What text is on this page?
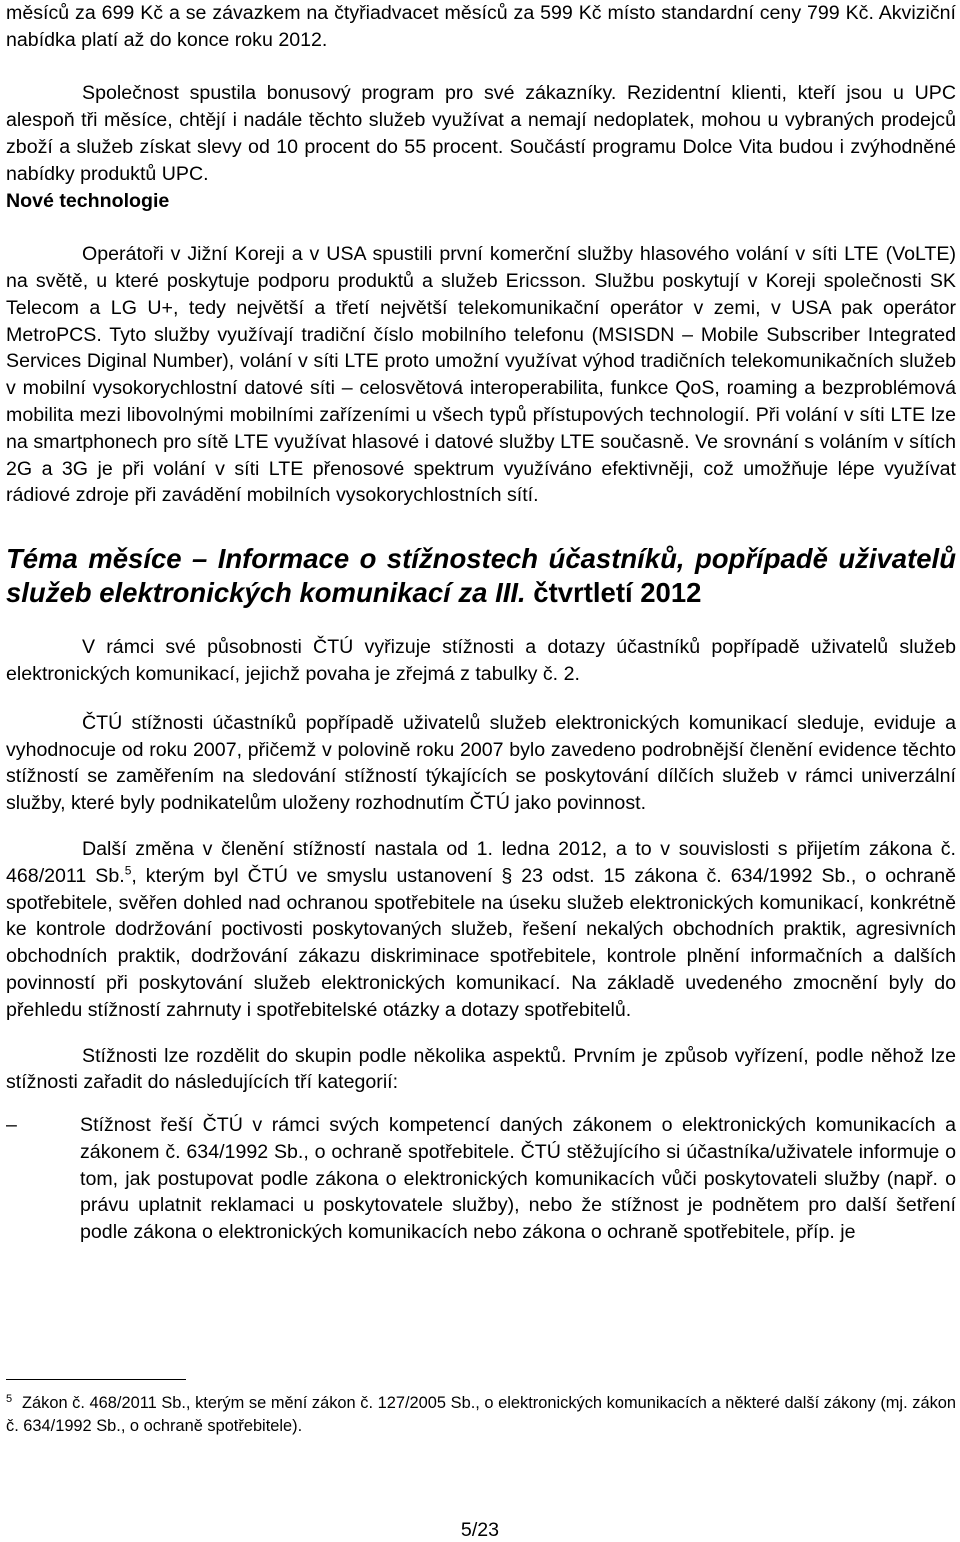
měsíců za 699 Kč a se závazkem na čtyřiadvacet měsíců za 599 Kč místo standardní ceny 799 Kč. Akviziční nabídka platí až do konce roku 2012.

Společnost spustila bonusový program pro své zákazníky. Rezidentní klienti, kteří jsou u UPC alespoň tři měsíce, chtějí i nadále těchto služeb využívat a nemají nedoplatek, mohou u vybraných prodejců zboží a služeb získat slevy od 10 procent do 55 procent. Součástí programu Dolce Vita budou i zvýhodněné nabídky produktů UPC.

Nové technologie

Operátoři v Jižní Koreji a v USA spustili první komerční služby hlasového volání v síti LTE (VoLTE) na světě, u které poskytuje podporu produktů a služeb Ericsson. Službu poskytují v Koreji společnosti SK Telecom a LG U+, tedy největší a třetí největší telekomunikační operátor v zemi, v USA pak operátor MetroPCS. Tyto služby využívají tradiční číslo mobilního telefonu (MSISDN – Mobile Subscriber Integrated Services Diginal Number), volání v síti LTE proto umožní využívat výhod tradičních telekomunikačních služeb v mobilní vysokorychlostní datové síti – celosvětová interoperabilita, funkce QoS, roaming a bezproblémová mobilita mezi libovolnými mobilními zařízeními u všech typů přístupových technologií. Při volání v síti LTE lze na smartphonech pro sítě LTE využívat hlasové i datové služby LTE současně. Ve srovnání s voláním v sítích 2G a 3G je při volání v síti LTE přenosové spektrum využíváno efektivněji, což umožňuje lépe využívat rádiové zdroje při zavádění mobilních vysokorychlostních sítí.

Téma měsíce – Informace o stížnostech účastníků, popřípadě uživatelů služeb elektronických komunikací za III. čtvrtletí 2012

V rámci své působnosti ČTÚ vyřizuje stížnosti a dotazy účastníků popřípadě uživatelů služeb elektronických komunikací, jejichž povaha je zřejmá z tabulky č. 2.

ČTÚ stížnosti účastníků popřípadě uživatelů služeb elektronických komunikací sleduje, eviduje a vyhodnocuje od roku 2007, přičemž v polovině roku 2007 bylo zavedeno podrobnější členění evidence těchto stížností se zaměřením na sledování stížností týkajících se poskytování dílčích služeb v rámci univerzální služby, které byly podnikatelům uloženy rozhodnutím ČTÚ jako povinnost.

Další změna v členění stížností nastala od 1. ledna 2012, a to v souvislosti s přijetím zákona č. 468/2011 Sb.$^5$, kterým byl ČTÚ ve smyslu ustanovení § 23 odst. 15 zákona č. 634/1992 Sb., o ochraně spotřebitele, svěřen dohled nad ochranou spotřebitele na úseku služeb elektronických komunikací, konkrétně ke kontrole dodržování poctivosti poskytovaných služeb, řešení nekalých obchodních praktik, agresivních obchodních praktik, dodržování zákazu diskriminace spotřebitele, kontrole plnění informačních a dalších povinností při poskytování služeb elektronických komunikací. Na základě uvedeného zmocnění byly do přehledu stížností zahrnuty i spotřebitelské otázky a dotazy spotřebitelů.

Stížnosti lze rozdělit do skupin podle několika aspektů. Prvním je způsob vyřízení, podle něhož lze stížnosti zařadit do následujících tří kategorií:

–	Stížnost řeší ČTÚ v rámci svých kompetencí daných zákonem o elektronických komunikacích a zákonem č. 634/1992 Sb., o ochraně spotřebitele. ČTÚ stěžujícího si účastníka/uživatele informuje o tom, jak postupovat podle zákona o elektronických komunikacích vůči poskytovateli služby (např. o právu uplatnit reklamaci u poskytovatele služby), nebo že stížnost je podnětem pro další šetření podle zákona o elektronických komunikacích nebo zákona o ochraně spotřebitele, příp. je
5 Zákon č. 468/2011 Sb., kterým se mění zákon č. 127/2005 Sb., o elektronických komunikacích a některé další zákony (mj. zákon č. 634/1992 Sb., o ochraně spotřebitele).
5/23
